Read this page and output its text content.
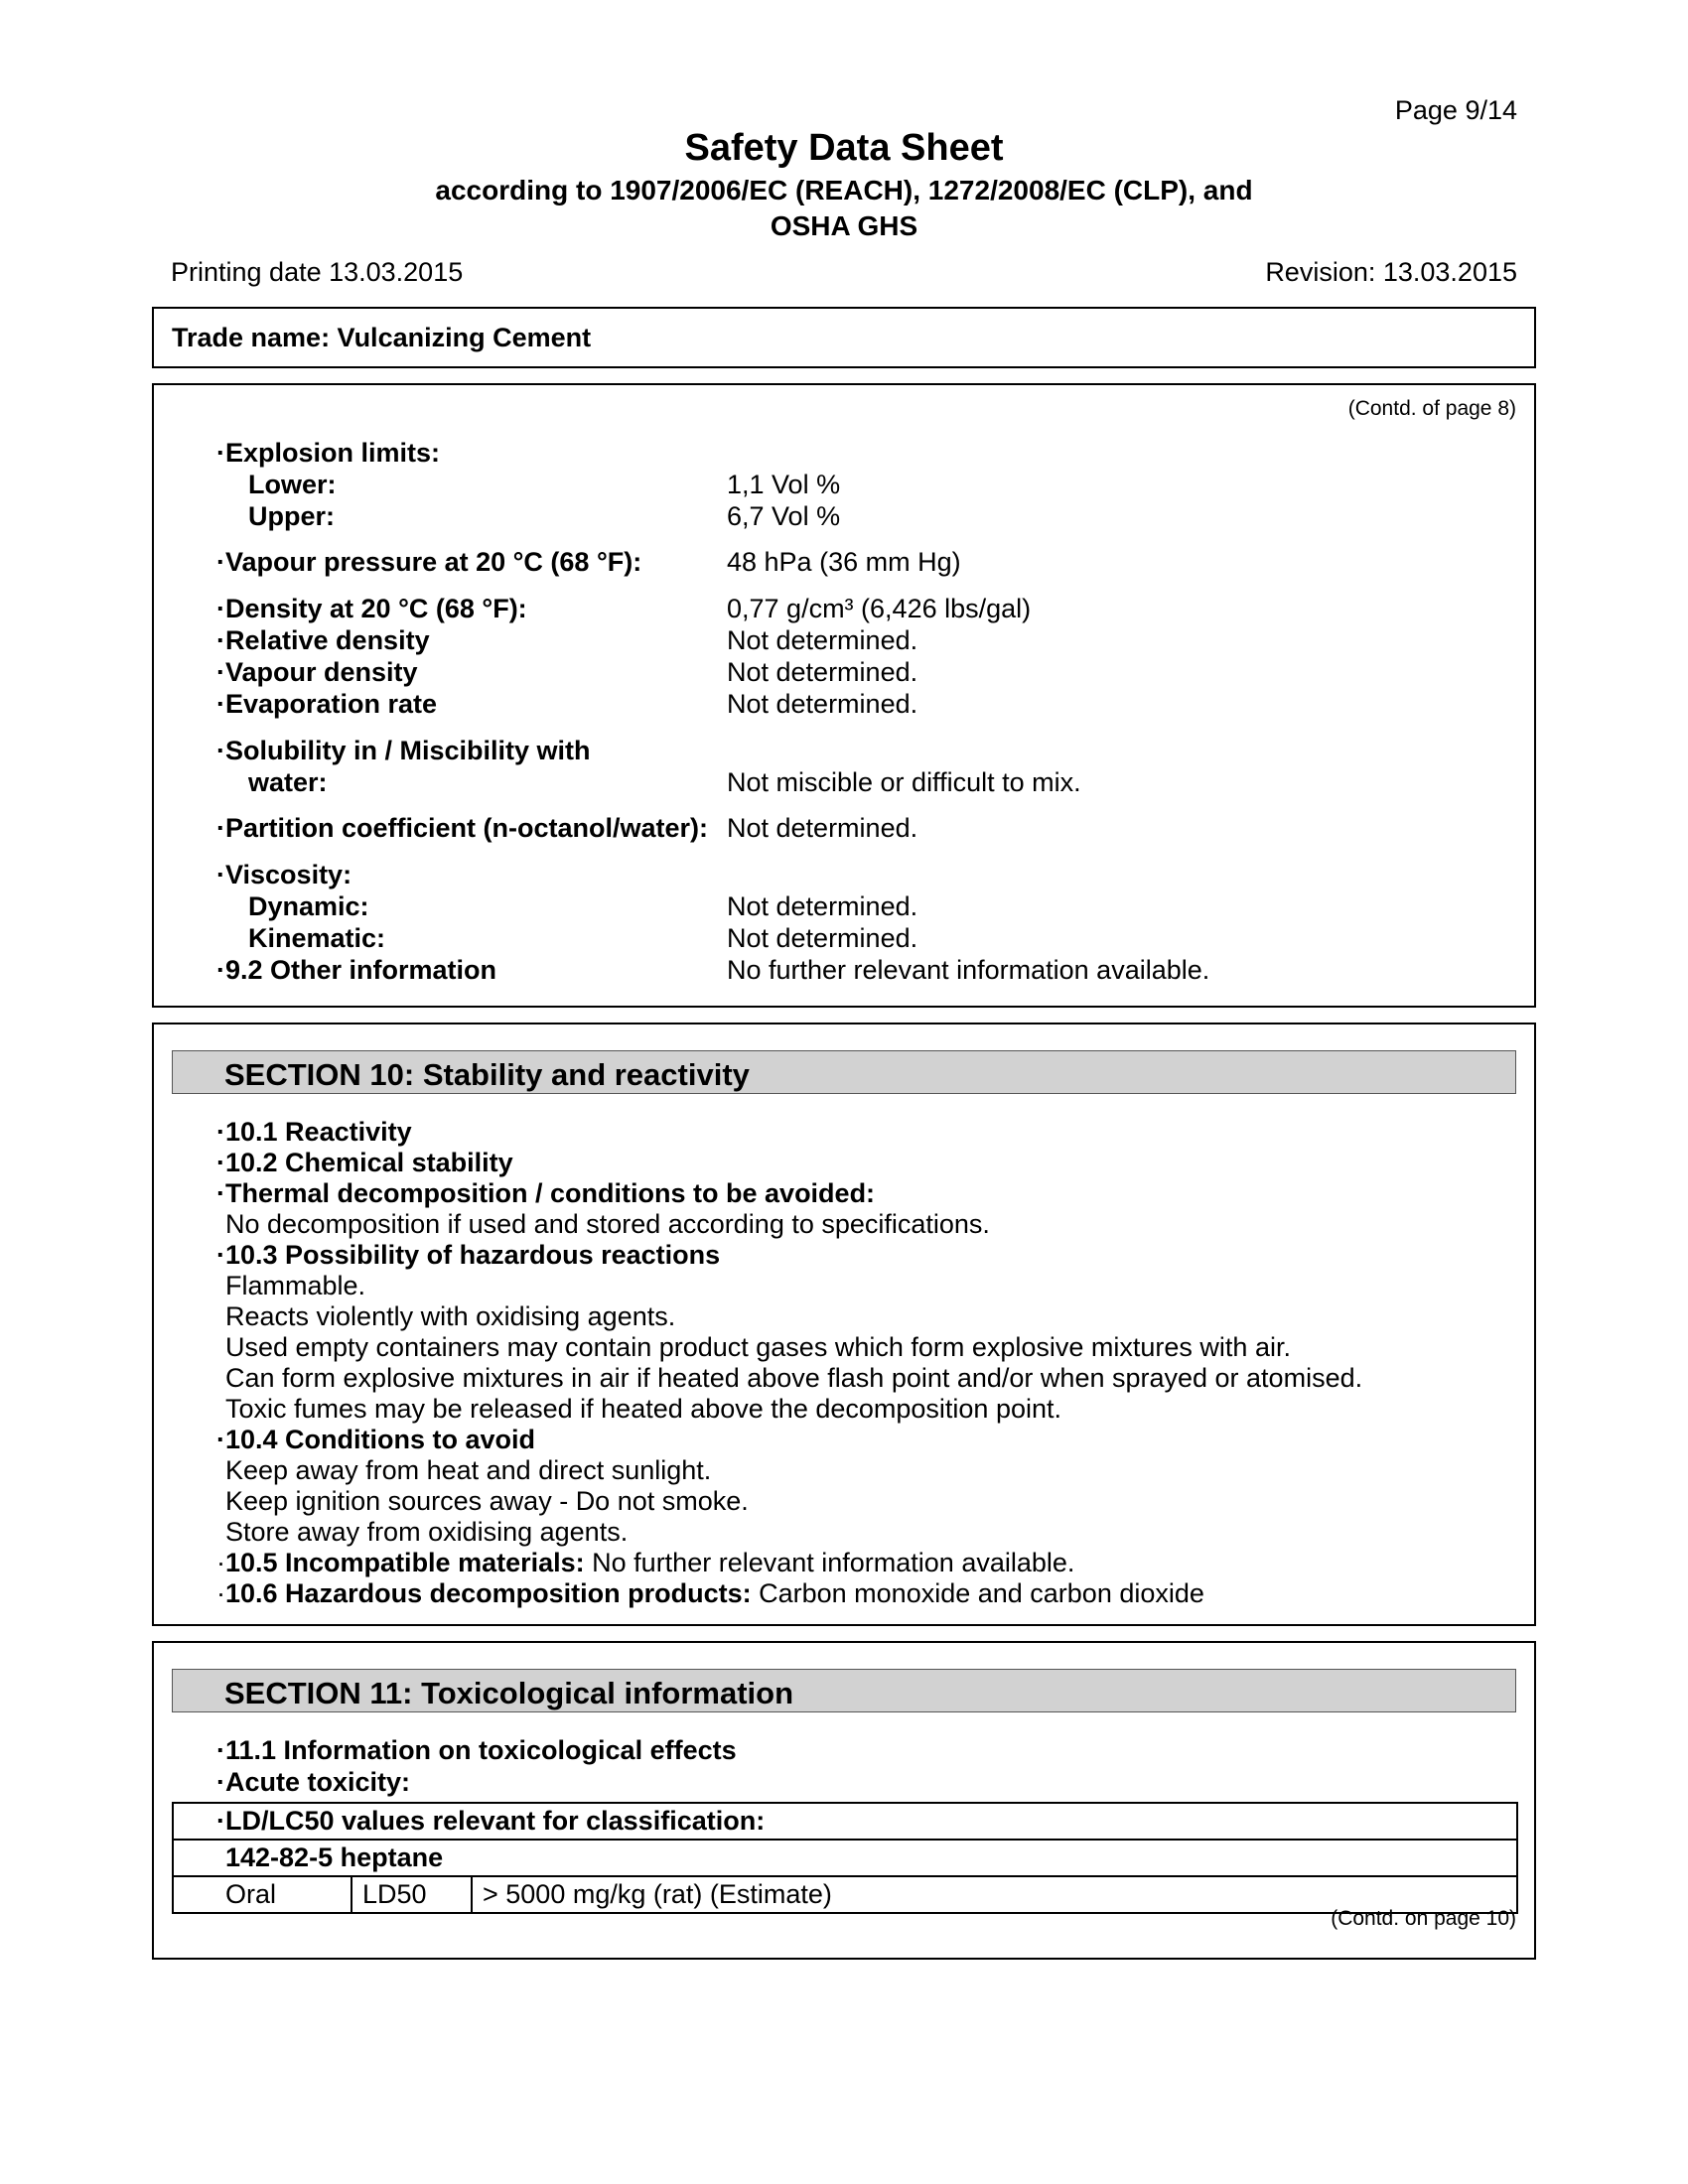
Page 9/14
Safety Data Sheet
according to 1907/2006/EC (REACH), 1272/2008/EC (CLP), and
OSHA GHS
Printing date 13.03.2015	Revision: 13.03.2015
Trade name: Vulcanizing Cement
(Contd. of page 8)
· Explosion limits:
Lower:	1,1 Vol %
Upper:	6,7 Vol %
· Vapour pressure at 20 °C (68 °F):	48 hPa (36 mm Hg)
· Density at 20 °C (68 °F):	0,77 g/cm³ (6,426 lbs/gal)
· Relative density	Not determined.
· Vapour density	Not determined.
· Evaporation rate	Not determined.
· Solubility in / Miscibility with
water:	Not miscible or difficult to mix.
· Partition coefficient (n-octanol/water): Not determined.
· Viscosity:
Dynamic:	Not determined.
Kinematic:	Not determined.
· 9.2 Other information	No further relevant information available.
SECTION 10: Stability and reactivity
· 10.1 Reactivity
· 10.2 Chemical stability
· Thermal decomposition / conditions to be avoided:
No decomposition if used and stored according to specifications.
· 10.3 Possibility of hazardous reactions
Flammable.
Reacts violently with oxidising agents.
Used empty containers may contain product gases which form explosive mixtures with air.
Can form explosive mixtures in air if heated above flash point and/or when sprayed or atomised.
Toxic fumes may be released if heated above the decomposition point.
· 10.4 Conditions to avoid
Keep away from heat and direct sunlight.
Keep ignition sources away - Do not smoke.
Store away from oxidising agents.
· 10.5 Incompatible materials: No further relevant information available.
· 10.6 Hazardous decomposition products: Carbon monoxide and carbon dioxide
SECTION 11: Toxicological information
· 11.1 Information on toxicological effects
· Acute toxicity:
· LD/LC50 values relevant for classification:
142-82-5 heptane
Oral	LD50	> 5000 mg/kg (rat) (Estimate)
(Contd. on page 10)
